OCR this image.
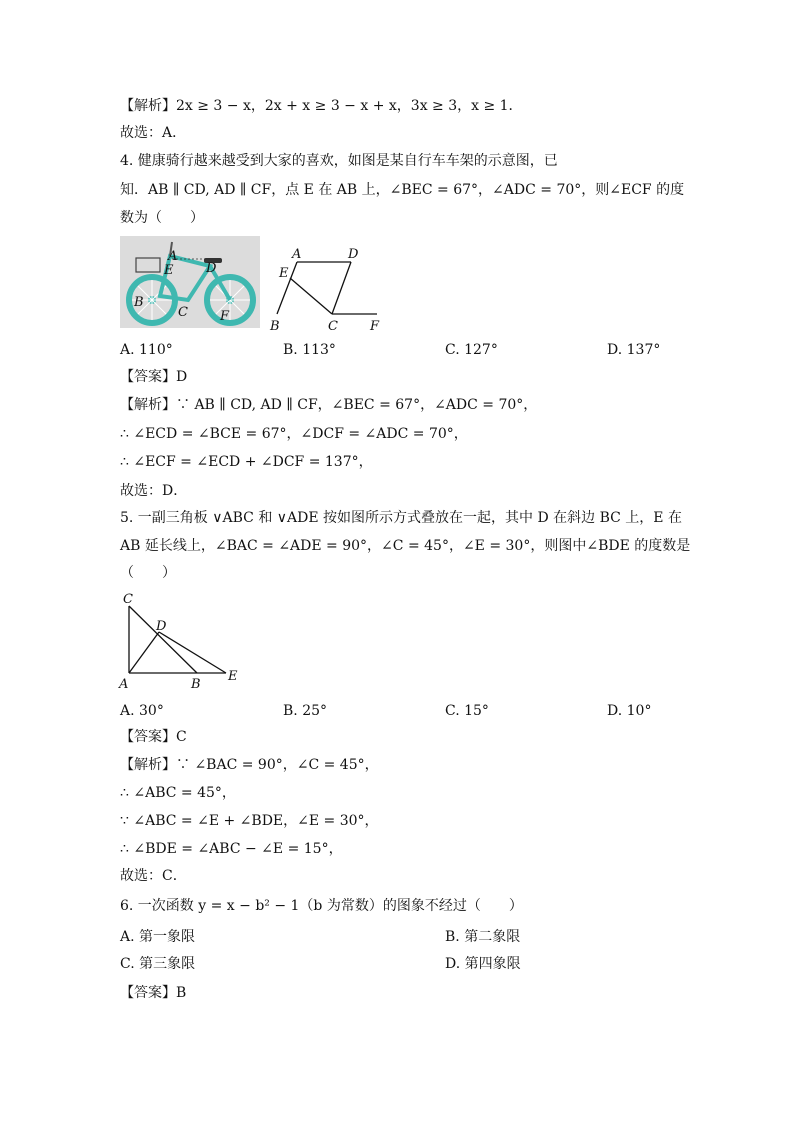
【解析】2x ≥ 3 − x，2x + x ≥ 3 − x + x，3x ≥ 3，x ≥ 1．
故选：A．
4. 健康骑行越来越受到大家的喜欢，如图是某自行车车架的示意图，已
知．AB ∥ CD, AD ∥ CF，点 E 在 AB 上，∠BEC = 67°，∠ADC = 70°，则∠ECF 的度
数为（　　）
A
E	D
B
C F
A	D
E
B	C F
A. 110°	B. 113°	C. 127°	D. 137°
【答案】D
【解析】∵ AB ∥ CD, AD ∥ CF，∠BEC = 67°，∠ADC = 70°，
∴ ∠ECD = ∠BCE = 67°，∠DCF = ∠ADC = 70°，
∴ ∠ECF = ∠ECD + ∠DCF = 137°，
故选：D．
5. 一副三角板 ∨ABC 和 ∨ADE 按如图所示方式叠放在一起，其中 D 在斜边 BC 上，E 在
AB 延长线上，∠BAC = ∠ADE = 90°，∠C = 45°，∠E = 30°，则图中∠BDE 的度数是
（　　）
C
D
A	B
E
A. 30°	B. 25°	C. 15°	D. 10°
【答案】C
【解析】∵ ∠BAC = 90°，∠C = 45°，
∴ ∠ABC = 45°，
∵ ∠ABC = ∠E + ∠BDE，∠E = 30°，
∴ ∠BDE = ∠ABC − ∠E = 15°，
故选：C．
6. 一次函数 y = x − b² − 1（b 为常数）的图象不经过（　　）
A. 第一象限	B. 第二象限
C. 第三象限	D. 第四象限
【答案】B
